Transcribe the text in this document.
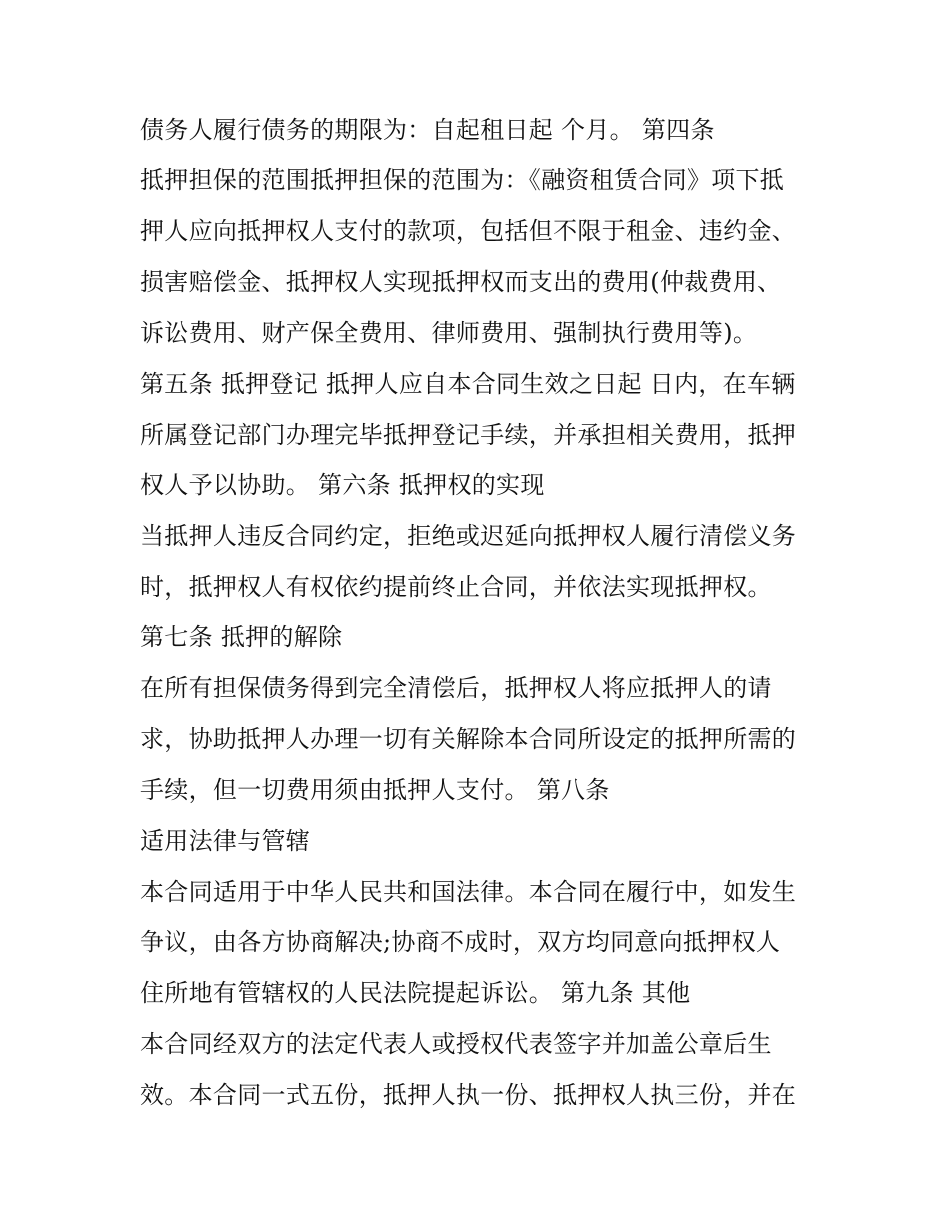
债务人履行债务的期限为：自起租日起 个月。 第四条
抵押担保的范围抵押担保的范围为：《融资租赁合同》项下抵
押人应向抵押权人支付的款项，包括但不限于租金、违约金、
损害赔偿金、抵押权人实现抵押权而支出的费用(仲裁费用、
诉讼费用、财产保全费用、律师费用、强制执行费用等)。
第五条 抵押登记 抵押人应自本合同生效之日起 日内，在车辆
所属登记部门办理完毕抵押登记手续，并承担相关费用，抵押
权人予以协助。 第六条 抵押权的实现
当抵押人违反合同约定，拒绝或迟延向抵押权人履行清偿义务
时，抵押权人有权依约提前终止合同，并依法实现抵押权。
第七条 抵押的解除
在所有担保债务得到完全清偿后，抵押权人将应抵押人的请
求，协助抵押人办理一切有关解除本合同所设定的抵押所需的
手续，但一切费用须由抵押人支付。 第八条
适用法律与管辖
本合同适用于中华人民共和国法律。本合同在履行中，如发生
争议，由各方协商解决;协商不成时，双方均同意向抵押权人
住所地有管辖权的人民法院提起诉讼。 第九条 其他
本合同经双方的法定代表人或授权代表签字并加盖公章后生
效。本合同一式五份，抵押人执一份、抵押权人执三份，并在
